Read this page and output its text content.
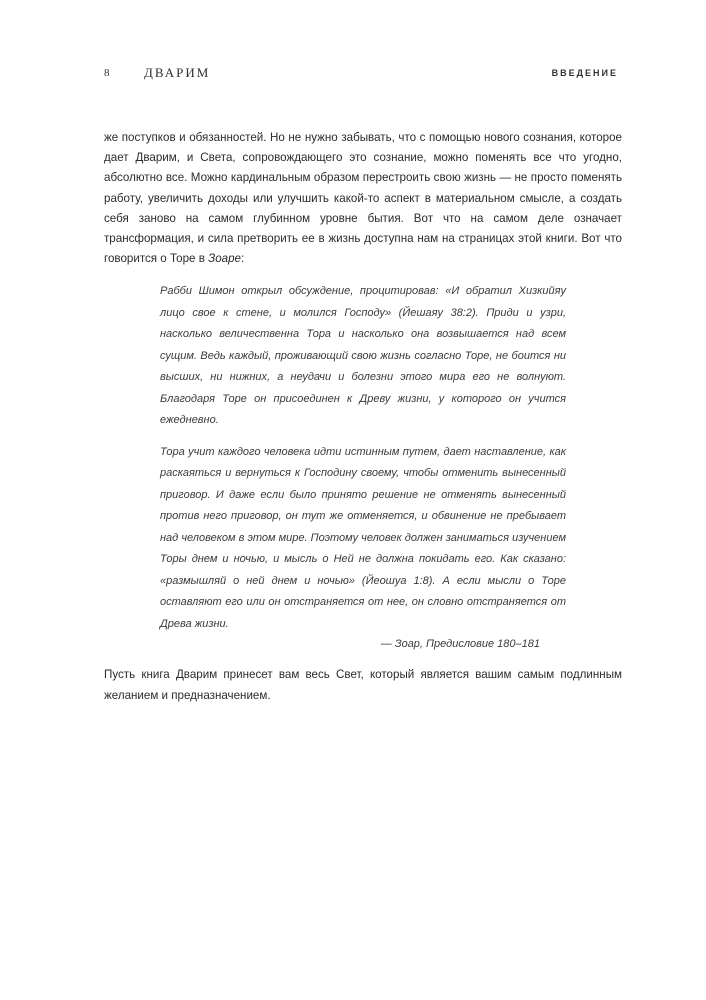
8	ДВАРИМ	ВВЕДЕНИЕ

же поступков и обязанностей. Но не нужно забывать, что с помощью нового сознания, которое дает Дварим, и Света, сопровождающего это сознание, можно поменять все что угодно, абсолютно все. Можно кардинальным образом перестроить свою жизнь — не просто поменять работу, увеличить доходы или улучшить какой-то аспект в материальном смысле, а создать себя заново на самом глубинном уровне бытия. Вот что на самом деле означает трансформация, и сила претворить ее в жизнь доступна нам на страницах этой книги. Вот что говорится о Торе в Зоаре:

Рабби Шимон открыл обсуждение, процитировав: «И обратил Хизкийяу лицо свое к стене, и молился Господу» (Йешаяу 38:2). Приди и узри, насколько величественна Тора и насколько она возвышается над всем сущим. Ведь каждый, проживающий свою жизнь согласно Торе, не боится ни высших, ни нижних, а неудачи и болезни этого мира его не волнуют. Благодаря Торе он присоединен к Древу жизни, у которого он учится ежедневно.

Тора учит каждого человека идти истинным путем, дает наставление, как раскаяться и вернуться к Господину своему, чтобы отменить вынесенный приговор. И даже если было принято решение не отменять вынесенный против него приговор, он тут же отменяется, и обвинение не пребывает над человеком в этом мире. Поэтому человек должен заниматься изучением Торы днем и ночью, и мысль о Ней не должна покидать его. Как сказано: «размышляй о ней днем и ночью» (Йеошуа 1:8). А если мысли о Торе оставляют его или он отстраняется от нее, он словно отстраняется от Древа жизни.

— Зоар, Предисловие 180–181

Пусть книга Дварим принесет вам весь Свет, который является вашим самым подлинным желанием и предназначением.
